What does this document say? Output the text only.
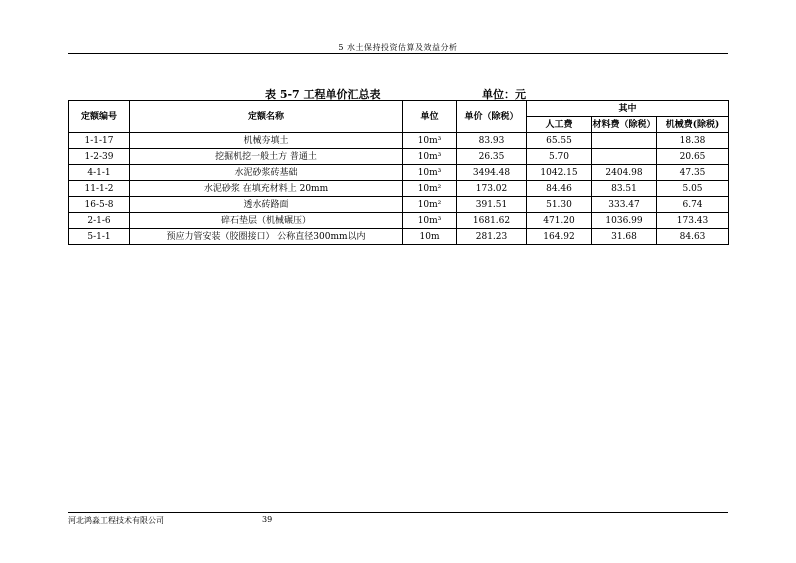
5 水土保持投资估算及效益分析
表 5-7 工程单价汇总表	单位：元
定额编号	定额名称	单位	单价（除税）	其中		
				人工费	材料费（除税）	机械费(除税)
1-1-17	机械夯填土	10m³	83.93	65.55		18.38
1-2-39	挖掘机挖一般土方 普通土	10m³	26.35	5.70		20.65
4-1-1	水泥砂浆砖基础	10m³	3494.48	1042.15	2404.98	47.35
11-1-2	水泥砂浆 在填充材料上 20mm	10m²	173.02	84.46	83.51	5.05
16-5-8	透水砖路面	10m²	391.51	51.30	333.47	6.74
2-1-6	碎石垫层（机械碾压）	10m³	1681.62	471.20	1036.99	173.43
5-1-1	预应力管安装（胶圈接口） 公称直径300mm以内	10m	281.23	164.92	31.68	84.63
河北鸿淼工程技术有限公司	39
